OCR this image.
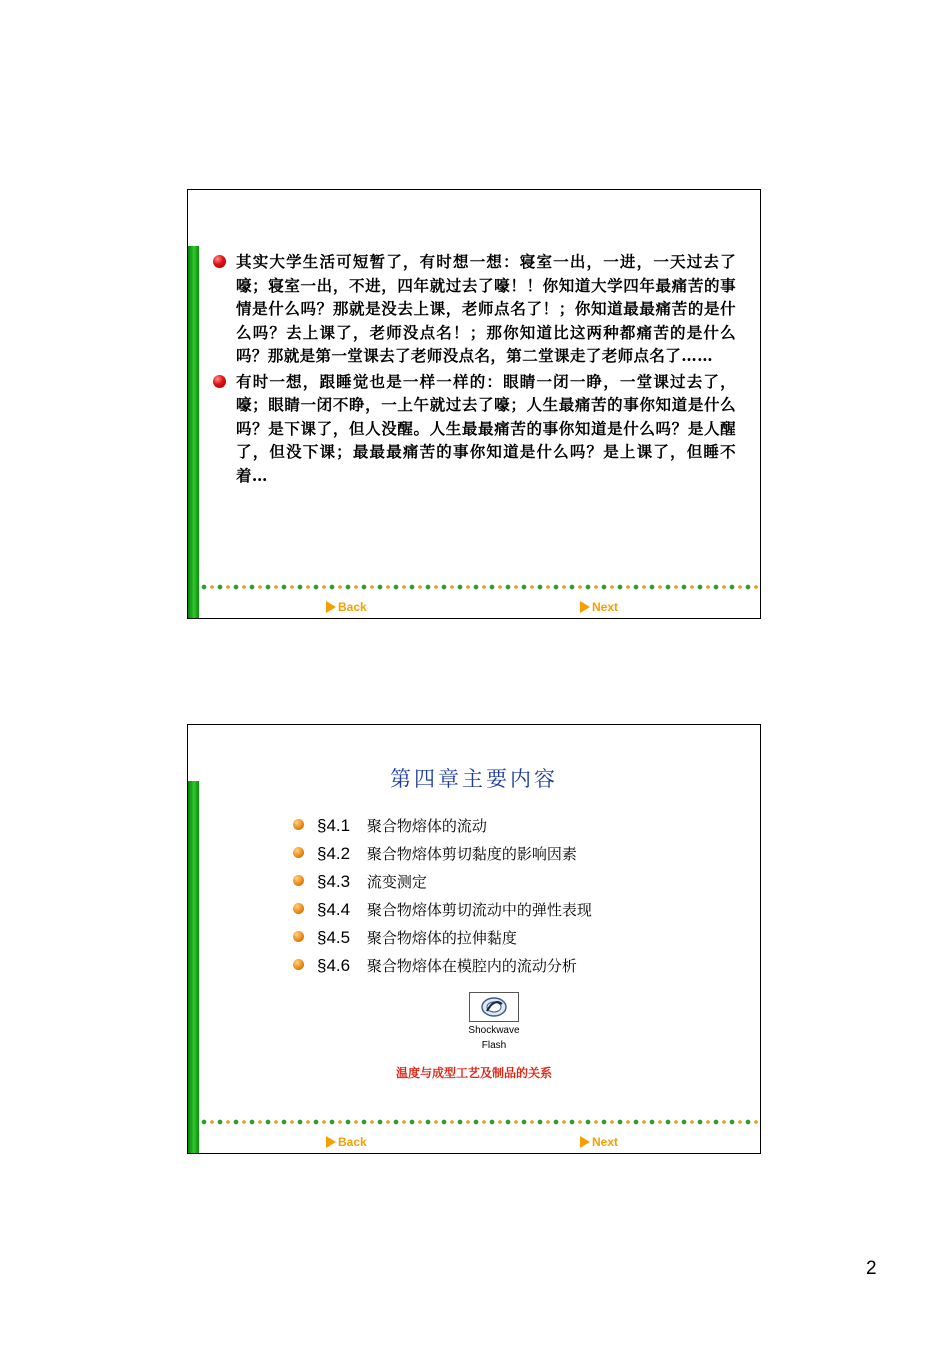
其实大学生活可短暂了，有时想一想：寝室一出，一进，一天过去了嚎；寝室一出，不进，四年就过去了嚎！！你知道大学四年最痛苦的事情是什么吗？那就是没去上课，老师点名了！；你知道最最痛苦的是什么吗？去上课了，老师没点名！；那你知道比这两种都痛苦的是什么吗？那就是第一堂课去了老师没点名，第二堂课走了老师点名了……
有时一想，跟睡觉也是一样一样的：眼睛一闭一睁，一堂课过去了，嚎；眼睛一闭不睁，一上午就过去了嚎；人生最痛苦的事你知道是什么吗？是下课了，但人没醒。人生最最痛苦的事你知道是什么吗？是人醒了，但没下课；最最最痛苦的事你知道是什么吗？是上课了，但睡不着…
Back	Next
第四章主要内容
§4.1 聚合物熔体的流动
§4.2 聚合物熔体剪切黏度的影响因素
§4.3 流变测定
§4.4 聚合物熔体剪切流动中的弹性表现
§4.5 聚合物熔体的拉伸黏度
§4.6 聚合物熔体在模腔内的流动分析
Shockwave
Flash
温度与成型工艺及制品的关系
Back	Next
2
